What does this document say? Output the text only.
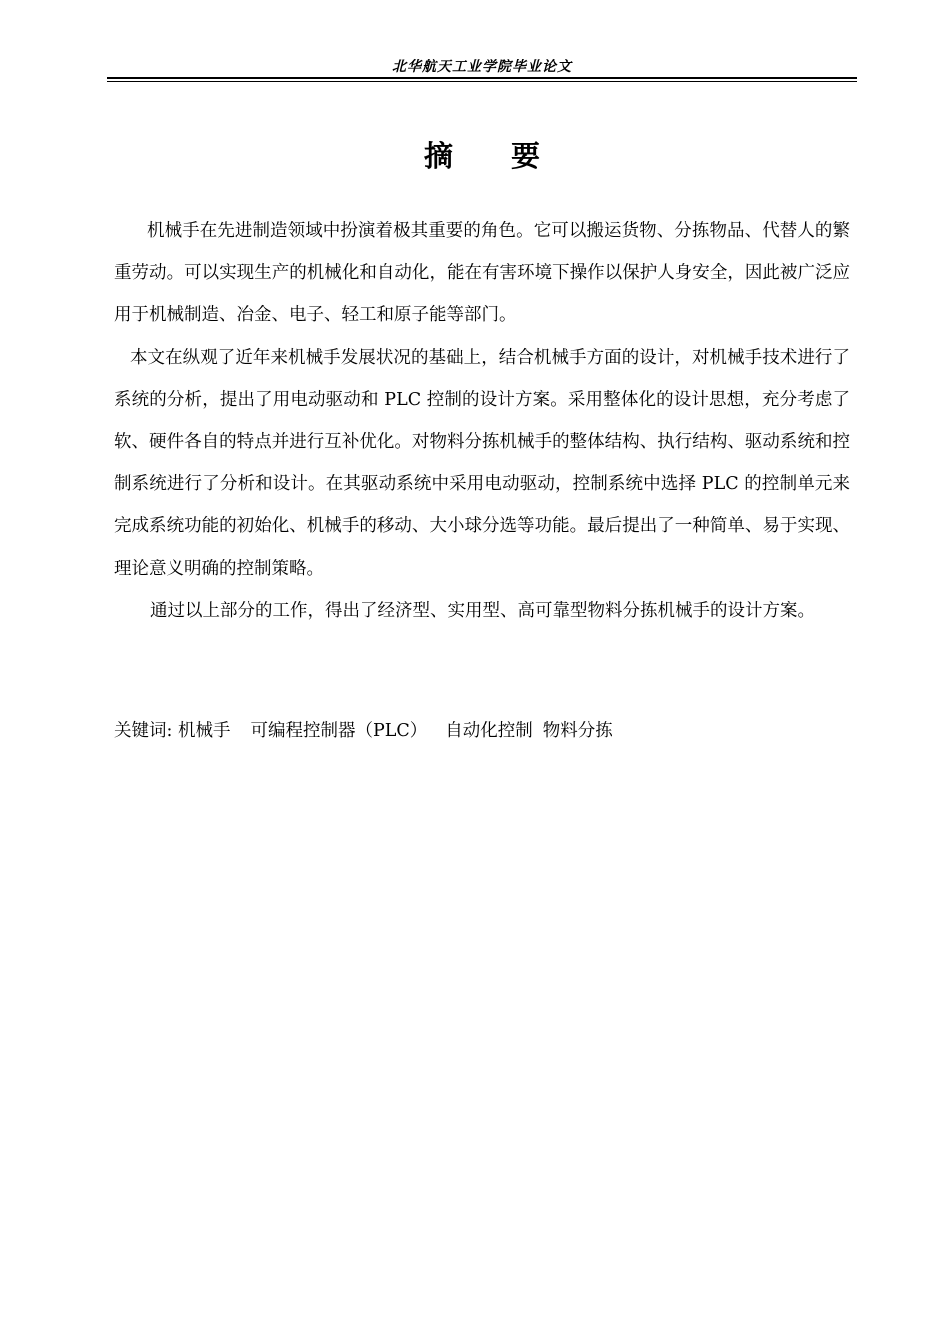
北华航天工业学院毕业论文
摘 要

机械手在先进制造领域中扮演着极其重要的角色。它可以搬运货物、分拣物品、代替人的繁重劳动。可以实现生产的机械化和自动化，能在有害环境下操作以保护人身安全，因此被广泛应用于机械制造、冶金、电子、轻工和原子能等部门。

本文在纵观了近年来机械手发展状况的基础上，结合机械手方面的设计，对机械手技术进行了系统的分析，提出了用电动驱动和 PLC 控制的设计方案。采用整体化的设计思想，充分考虑了软、硬件各自的特点并进行互补优化。对物料分拣机械手的整体结构、执行结构、驱动系统和控制系统进行了分析和设计。在其驱动系统中采用电动驱动，控制系统中选择 PLC 的控制单元来完成系统功能的初始化、机械手的移动、大小球分选等功能。最后提出了一种简单、易于实现、理论意义明确的控制策略。

通过以上部分的工作，得出了经济型、实用型、高可靠型物料分拣机械手的设计方案。

关键词: 机械手 可编程控制器（PLC） 自动化控制 物料分拣
